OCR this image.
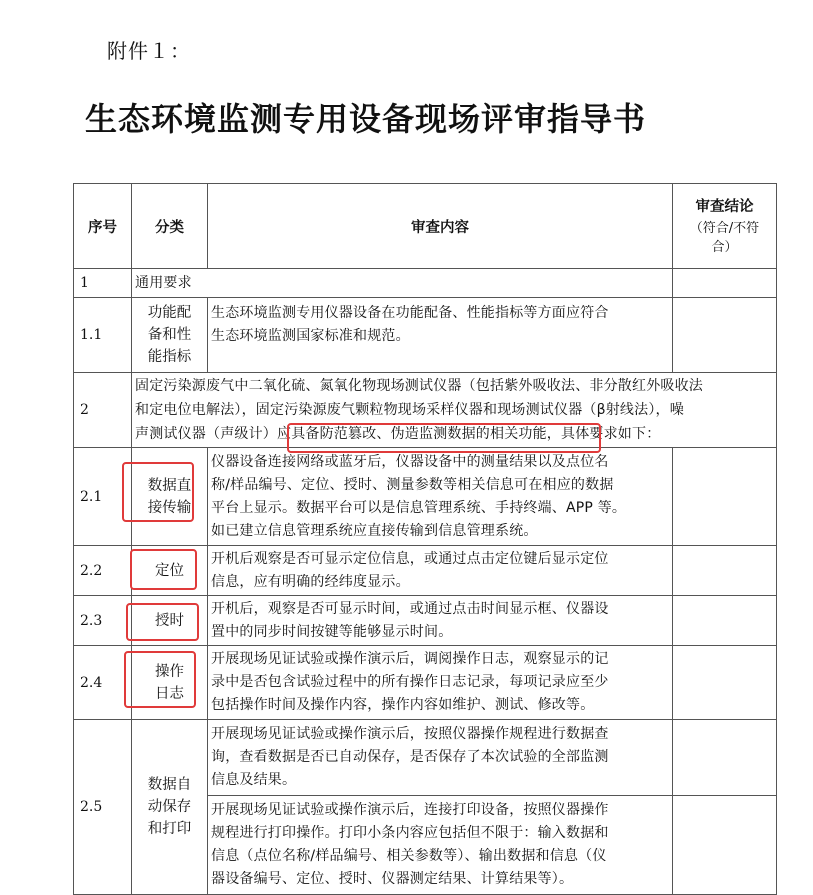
附件１：
生态环境监测专用设备现场评审指导书
序号	分类	审查内容	审查结论
（符合/不符
合）

1	通用要求		
1.1	功能配
备和性
能指标	生态环境监测专用仪器设备在功能配备、性能指标等方面应符合
生态环境监测国家标准和规范。	

2	固定污染源废气中二氧化硫、氮氧化物现场测试仪器（包括紫外吸收法、非分散红外吸收法
和定电位电解法），固定污染源废气颗粒物现场采样仪器和现场测试仪器（β射线法），噪
声测试仪器（声级计）应具备防范篡改、伪造监测数据的相关功能，具体要求如下：		

2.1	数据直
接传输	仪器设备连接网络或蓝牙后，仪器设备中的测量结果以及点位名
称/样品编号、定位、授时、测量参数等相关信息可在相应的数据
平台上显示。数据平台可以是信息管理系统、手持终端、APP 等。
如已建立信息管理系统应直接传输到信息管理系统。	

2.2	定位	开机后观察是否可显示定位信息，或通过点击定位键后显示定位
信息，应有明确的经纬度显示。	

2.3	授时	开机后，观察是否可显示时间，或通过点击时间显示框、仪器设
置中的同步时间按键等能够显示时间。	

2.4	操作
日志	开展现场见证试验或操作演示后，调阅操作日志，观察显示的记
录中是否包含试验过程中的所有操作日志记录，每项记录应至少
包括操作时间及操作内容，操作内容如维护、测试、修改等。	

2.5	数据自
动保存
和打印	开展现场见证试验或操作演示后，按照仪器操作规程进行数据查
询，查看数据是否已自动保存，是否保存了本次试验的全部监测
信息及结果。	

		开展现场见证试验或操作演示后，连接打印设备，按照仪器操作
规程进行打印操作。打印小条内容应包括但不限于：输入数据和
信息（点位名称/样品编号、相关参数等）、输出数据和信息（仪
器设备编号、定位、授时、仪器测定结果、计算结果等）。	
